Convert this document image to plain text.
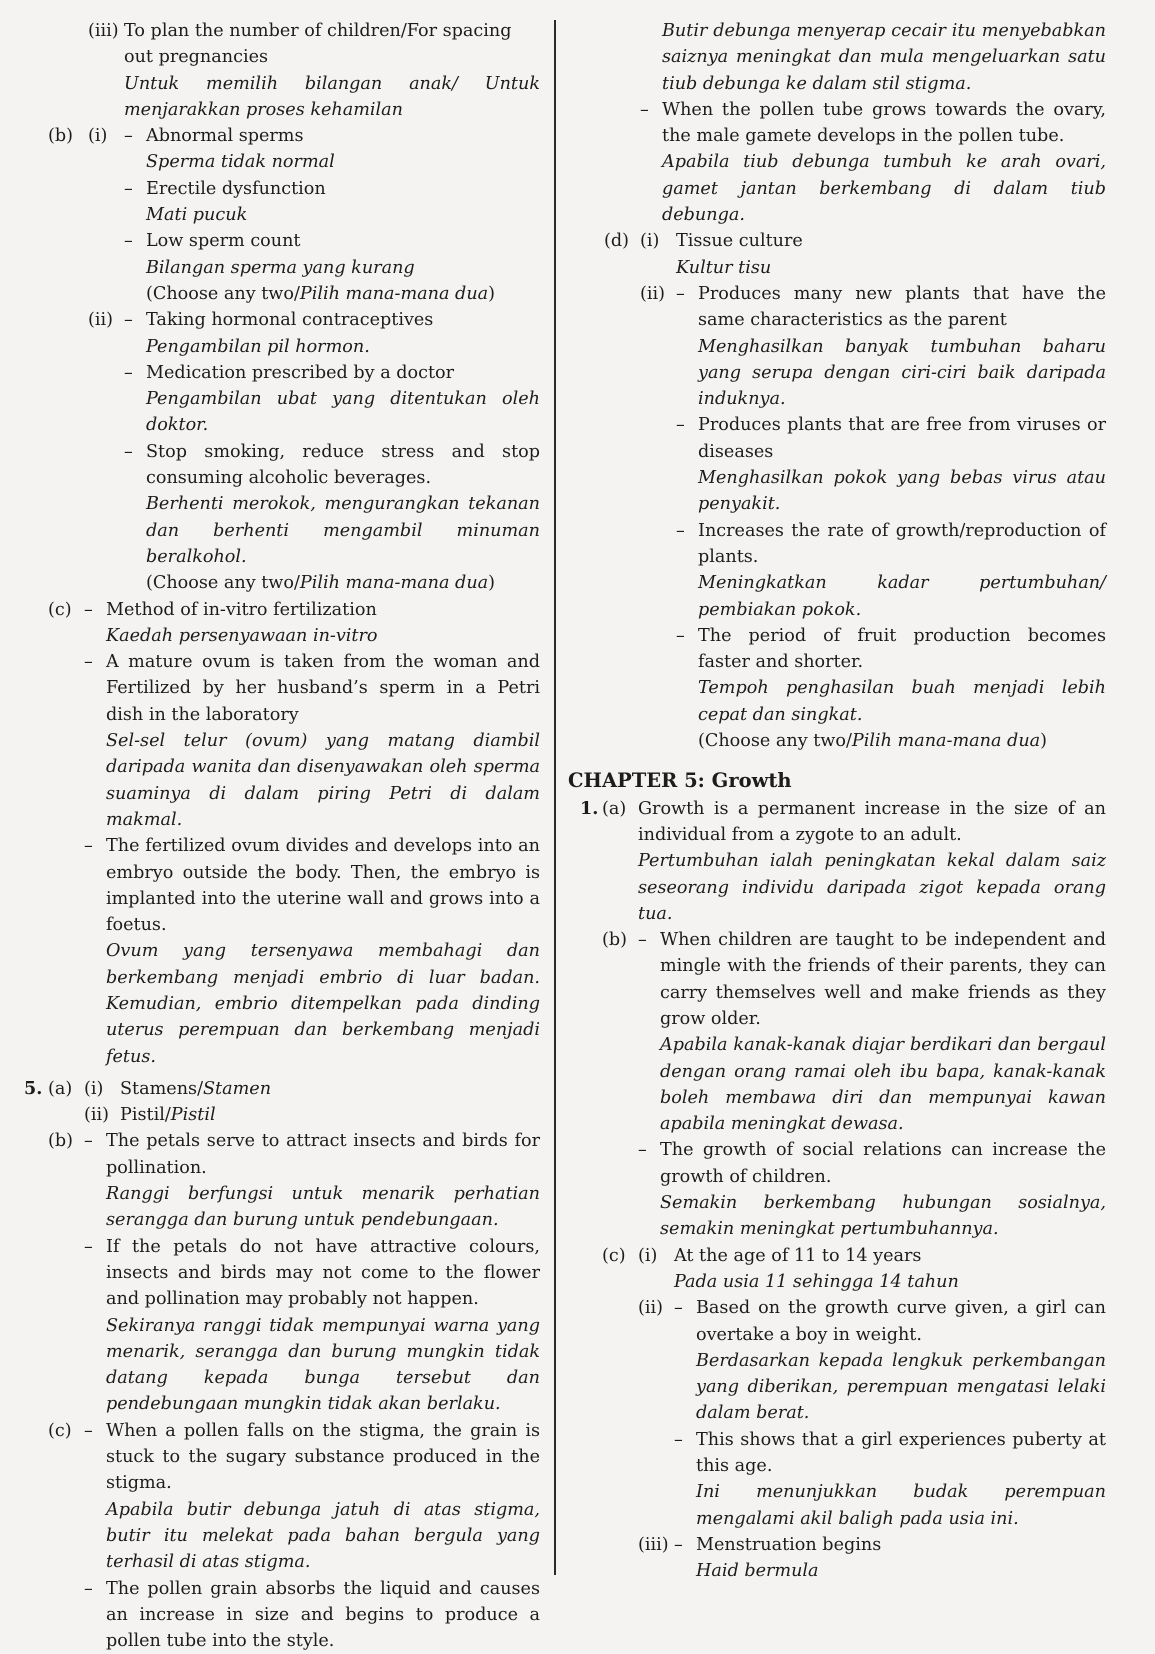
(iii) To plan the number of children/For spacing out pregnancies
Untuk memilih bilangan anak/ Untuk menjarakkan proses kehamilan
(b) (i) – Abnormal sperms
Sperma tidak normal
– Erectile dysfunction
Mati pucuk
– Low sperm count
Bilangan sperma yang kurang
(Choose any two/Pilih mana-mana dua)
(ii) – Taking hormonal contraceptives
Pengambilan pil hormon.
– Medication prescribed by a doctor
Pengambilan ubat yang ditentukan oleh doktor.
– Stop smoking, reduce stress and stop consuming alcoholic beverages.
Berhenti merokok, mengurangkan tekanan dan berhenti mengambil minuman beralkohol.
(Choose any two/Pilih mana-mana dua)
(c) – Method of in-vitro fertilization
Kaedah persenyawaan in-vitro
– A mature ovum is taken from the woman and Fertilized by her husband’s sperm in a Petri dish in the laboratory
Sel-sel telur (ovum) yang matang diambil daripada wanita dan disenyawakan oleh sperma suaminya di dalam piring Petri di dalam makmal.
– The fertilized ovum divides and develops into an embryo outside the body. Then, the embryo is implanted into the uterine wall and grows into a foetus.
Ovum yang tersenyawa membahagi dan berkembang menjadi embrio di luar badan. Kemudian, embrio ditempelkan pada dinding uterus perempuan dan berkembang menjadi fetus.
5. (a) (i) Stamens/Stamen
(ii) Pistil/Pistil
(b) – The petals serve to attract insects and birds for pollination.
Ranggi berfungsi untuk menarik perhatian serangga dan burung untuk pendebungaan.
– If the petals do not have attractive colours, insects and birds may not come to the flower and pollination may probably not happen.
Sekiranya ranggi tidak mempunyai warna yang menarik, serangga dan burung mungkin tidak datang kepada bunga tersebut dan pendebungaan mungkin tidak akan berlaku.
(c) – When a pollen falls on the stigma, the grain is stuck to the sugary substance produced in the stigma.
Apabila butir debunga jatuh di atas stigma, butir itu melekat pada bahan bergula yang terhasil di atas stigma.
– The pollen grain absorbs the liquid and causes an increase in size and begins to produce a pollen tube into the style.
Butir debunga menyerap cecair itu menyebabkan saiznya meningkat dan mula mengeluarkan satu tiub debunga ke dalam stil stigma.
– When the pollen tube grows towards the ovary, the male gamete develops in the pollen tube.
Apabila tiub debunga tumbuh ke arah ovari, gamet jantan berkembang di dalam tiub debunga.
(d) (i) Tissue culture
Kultur tisu
(ii) – Produces many new plants that have the same characteristics as the parent
Menghasilkan banyak tumbuhan baharu yang serupa dengan ciri-ciri baik daripada induknya.
– Produces plants that are free from viruses or diseases
Menghasilkan pokok yang bebas virus atau penyakit.
– Increases the rate of growth/reproduction of plants.
Meningkatkan kadar pertumbuhan/ pembiakan pokok.
– The period of fruit production becomes faster and shorter.
Tempoh penghasilan buah menjadi lebih cepat dan singkat.
(Choose any two/Pilih mana-mana dua)
CHAPTER 5: Growth
1. (a) Growth is a permanent increase in the size of an individual from a zygote to an adult.
Pertumbuhan ialah peningkatan kekal dalam saiz seseorang individu daripada zigot kepada orang tua.
(b) – When children are taught to be independent and mingle with the friends of their parents, they can carry themselves well and make friends as they grow older.
Apabila kanak-kanak diajar berdikari dan bergaul dengan orang ramai oleh ibu bapa, kanak-kanak boleh membawa diri dan mempunyai kawan apabila meningkat dewasa.
– The growth of social relations can increase the growth of children.
Semakin berkembang hubungan sosialnya, semakin meningkat pertumbuhannya.
(c) (i) At the age of 11 to 14 years
Pada usia 11 sehingga 14 tahun
(ii) – Based on the growth curve given, a girl can overtake a boy in weight.
Berdasarkan kepada lengkuk perkembangan yang diberikan, perempuan mengatasi lelaki dalam berat.
– This shows that a girl experiences puberty at this age.
Ini menunjukkan budak perempuan mengalami akil baligh pada usia ini.
(iii) – Menstruation begins
Haid bermula
